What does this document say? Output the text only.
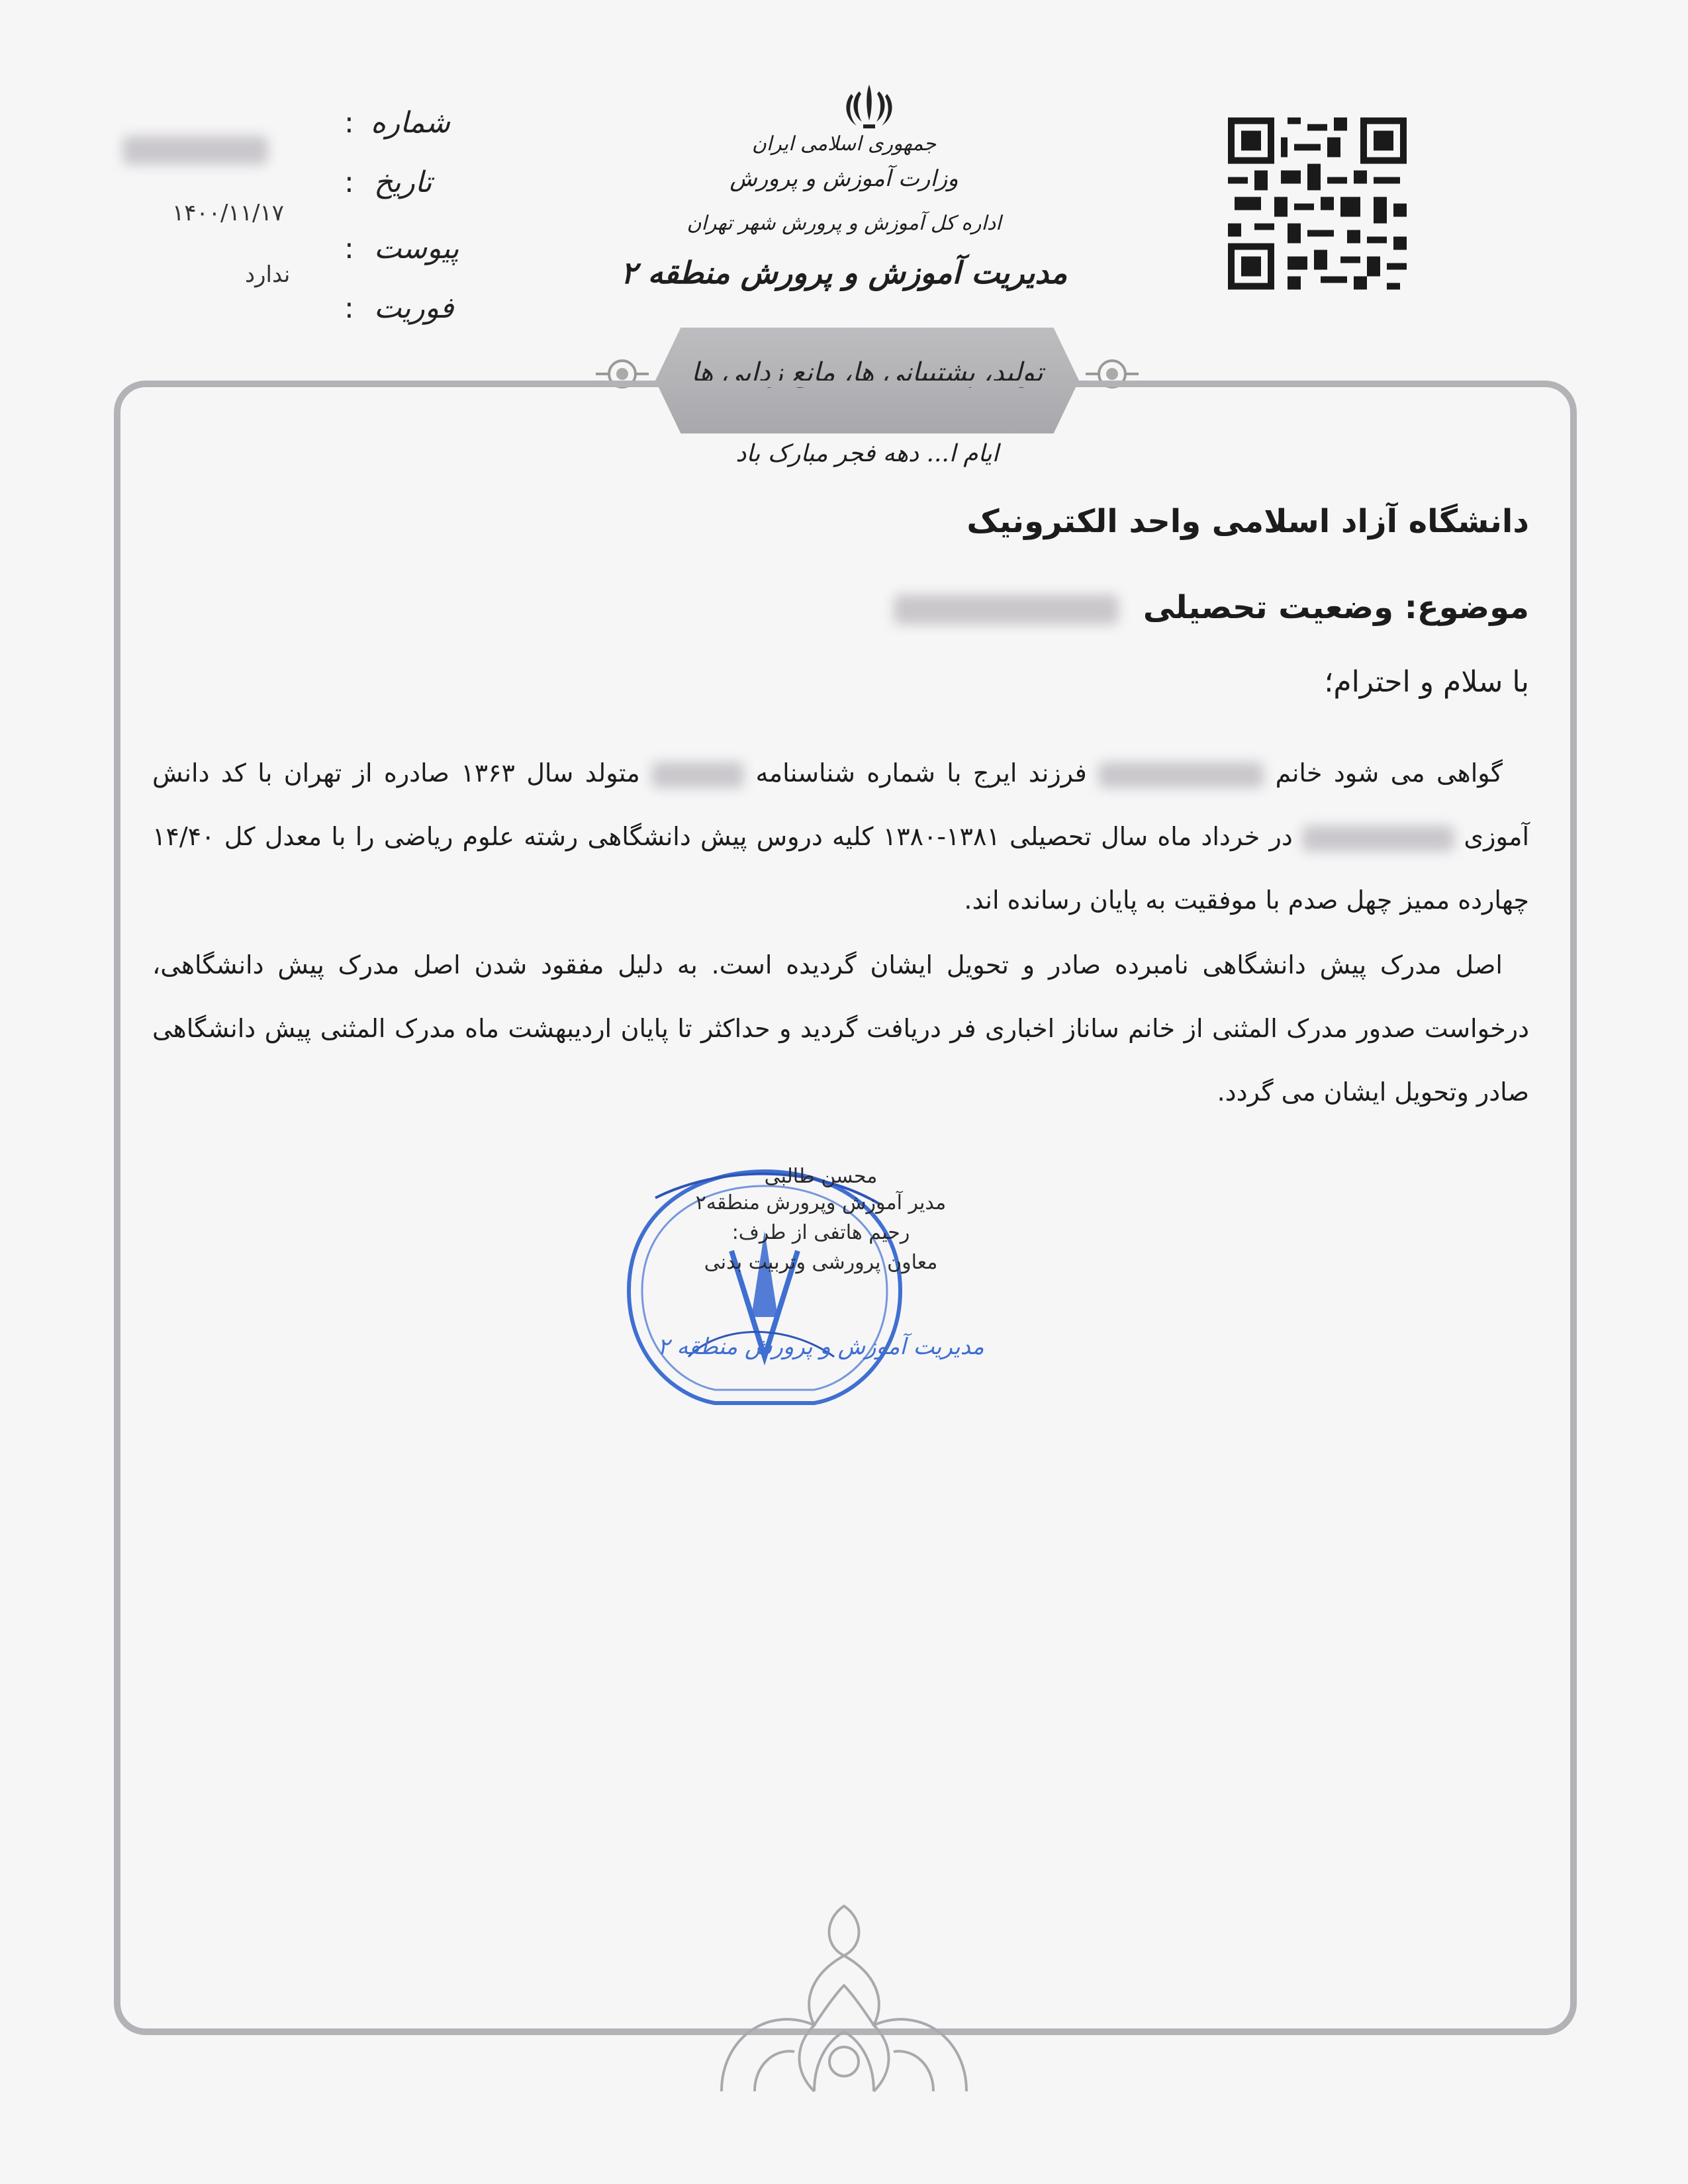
شماره
:
تاریخ
:
۱۴۰۰/۱۱/۱۷
پیوست
:
ندارد
فوریت
:
جمهوری اسلامی ایران
وزارت آموزش و پرورش
اداره کل آموزش و پرورش شهر تهران
مدیریت آموزش و پرورش منطقه ۲
تولید، پشتیبانی ها، مانع زدایی ها
ایام ا... دهه فجر مبارک باد
دانشگاه آزاد اسلامی واحد الکترونیک
موضوع: وضعیت تحصیلی
با سلام و احترام؛
گواهی می شود خانم  فرزند ایرج با شماره شناسنامه  متولد سال ۱۳۶۳ صادره از تهران با کد دانش آموزی  در خرداد ماه سال تحصیلی ۱۳۸۱-۱۳۸۰ کلیه دروس پیش دانشگاهی رشته علوم ریاضی را با معدل کل ۱۴/۴۰ چهارده ممیز چهل صدم با موفقیت به پایان رسانده اند.
اصل مدرک پیش دانشگاهی نامبرده صادر و تحویل ایشان گردیده است. به دلیل مفقود شدن اصل مدرک پیش دانشگاهی، درخواست صدور مدرک المثنی از خانم ساناز اخباری فر دریافت گردید و حداکثر تا پایان اردیبهشت ماه مدرک المثنی پیش دانشگاهی صادر وتحویل ایشان می گردد.
مدیریت آموزش و پرورش منطقه ۲
محسن طالبی
مدیر آموزش وپرورش منطقه۲
رحیم هاتفی از طرف:
معاون پرورشی وتربیت بدنی
